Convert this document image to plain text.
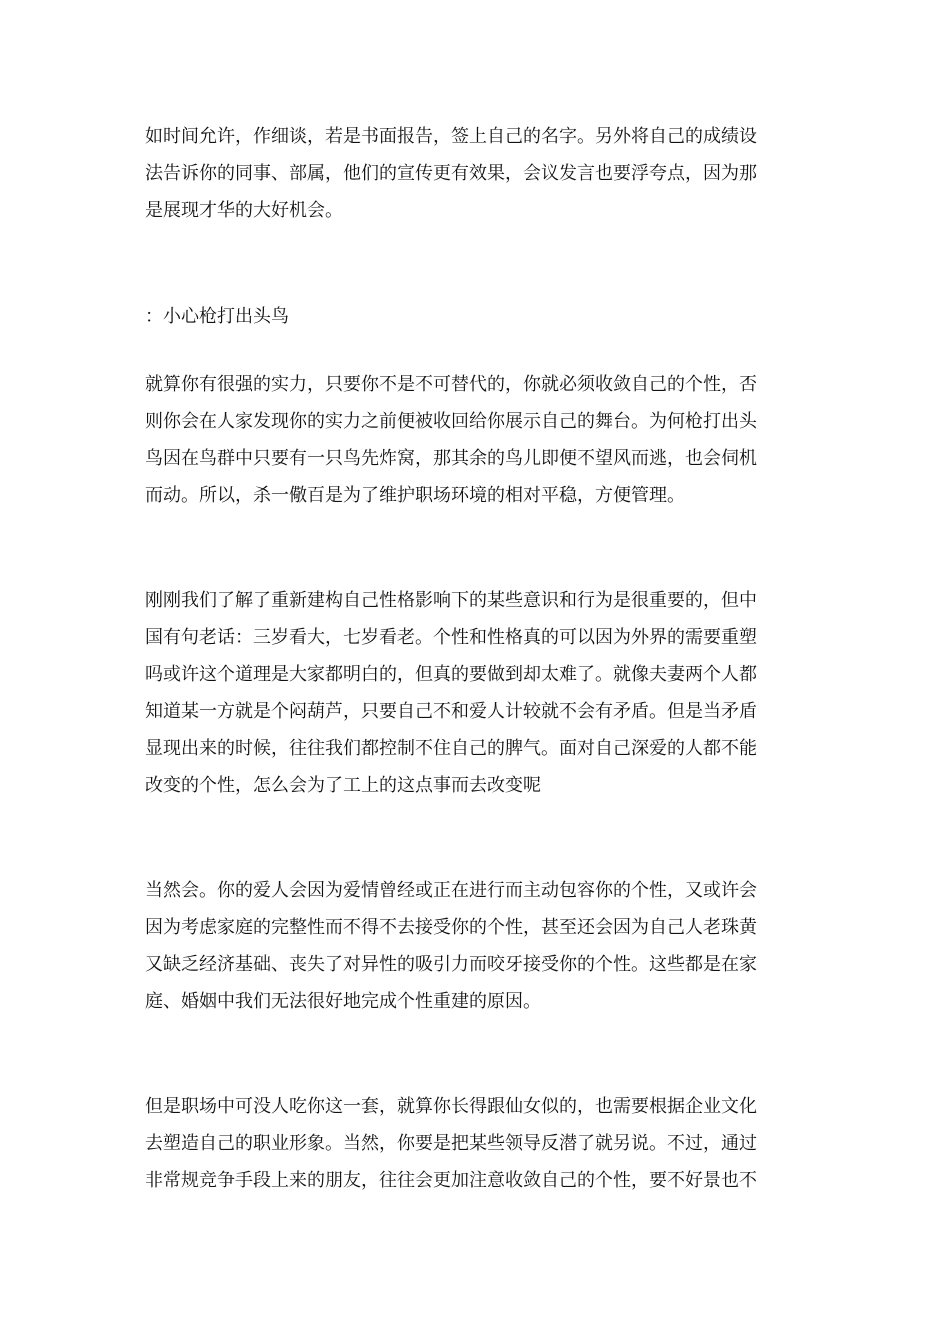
如时间允许，作细谈，若是书面报告，签上自己的名字。另外将自己的成绩设
法告诉你的同事、部属，他们的宣传更有效果，会议发言也要浮夸点，因为那
是展现才华的大好机会。
：小心枪打出头鸟
就算你有很强的实力，只要你不是不可替代的，你就必须收敛自己的个性，否
则你会在人家发现你的实力之前便被收回给你展示自己的舞台。为何枪打出头
鸟因在鸟群中只要有一只鸟先炸窝，那其余的鸟儿即便不望风而逃，也会伺机
而动。所以，杀一儆百是为了维护职场环境的相对平稳，方便管理。
刚刚我们了解了重新建构自己性格影响下的某些意识和行为是很重要的，但中
国有句老话：三岁看大，七岁看老。个性和性格真的可以因为外界的需要重塑
吗或许这个道理是大家都明白的，但真的要做到却太难了。就像夫妻两个人都
知道某一方就是个闷葫芦，只要自己不和爱人计较就不会有矛盾。但是当矛盾
显现出来的时候，往往我们都控制不住自己的脾气。面对自己深爱的人都不能
改变的个性，怎么会为了工上的这点事而去改变呢
当然会。你的爱人会因为爱情曾经或正在进行而主动包容你的个性，又或许会
因为考虑家庭的完整性而不得不去接受你的个性，甚至还会因为自己人老珠黄
又缺乏经济基础、丧失了对异性的吸引力而咬牙接受你的个性。这些都是在家
庭、婚姻中我们无法很好地完成个性重建的原因。
但是职场中可没人吃你这一套，就算你长得跟仙女似的，也需要根据企业文化
去塑造自己的职业形象。当然，你要是把某些领导反潜了就另说。不过，通过
非常规竞争手段上来的朋友，往往会更加注意收敛自己的个性，要不好景也不
